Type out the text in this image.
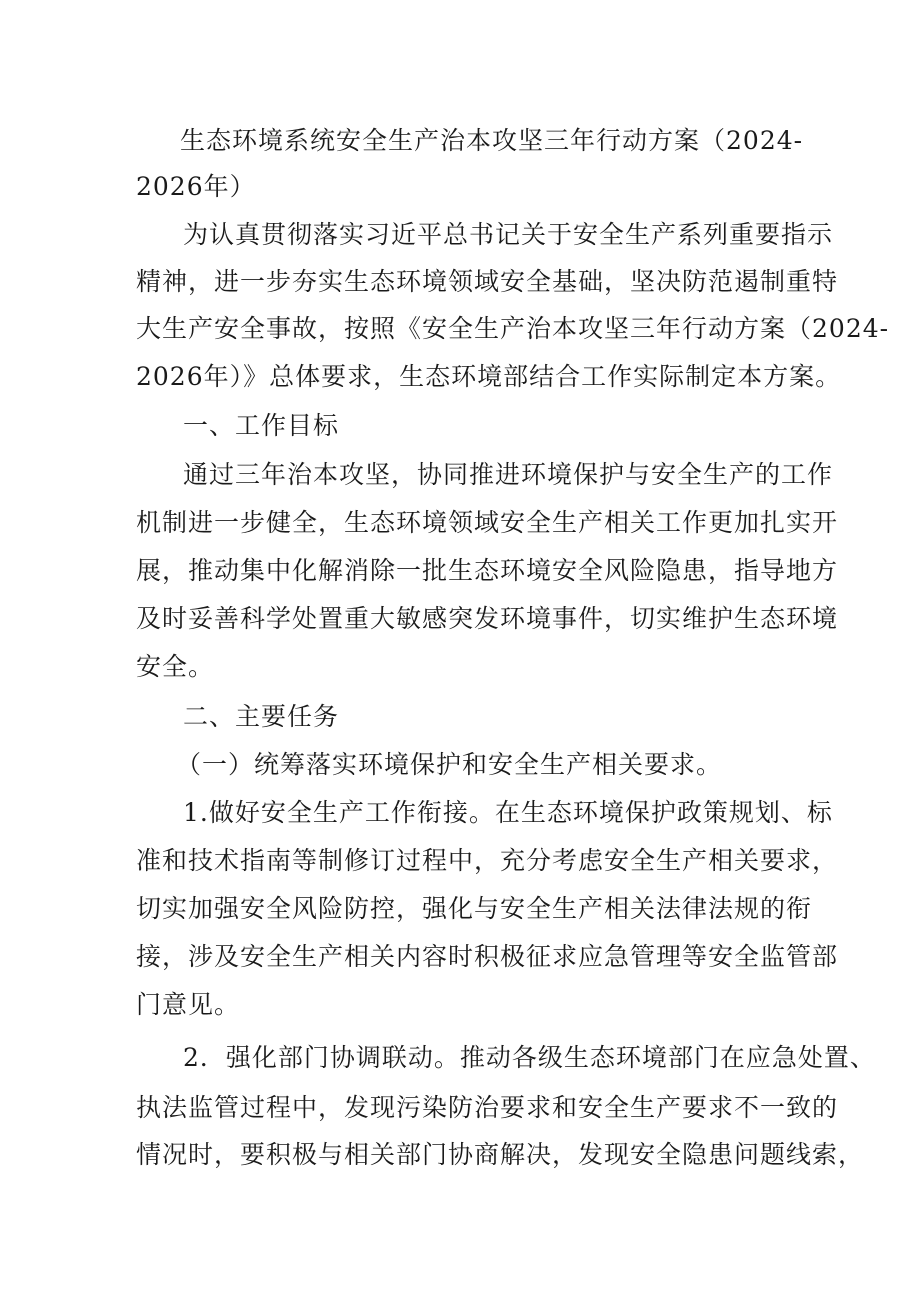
生态环境系统安全生产治本攻坚三年行动方案（2024-
2026年）
为认真贯彻落实习近平总书记关于安全生产系列重要指示
精神，进一步夯实生态环境领域安全基础，坚决防范遏制重特
大生产安全事故，按照《安全生产治本攻坚三年行动方案（2024-
2026年）》总体要求，生态环境部结合工作实际制定本方案。
一、工作目标
通过三年治本攻坚，协同推进环境保护与安全生产的工作
机制进一步健全，生态环境领域安全生产相关工作更加扎实开
展，推动集中化解消除一批生态环境安全风险隐患，指导地方
及时妥善科学处置重大敏感突发环境事件，切实维护生态环境
安全。
二、主要任务
（一）统筹落实环境保护和安全生产相关要求。
1.做好安全生产工作衔接。在生态环境保护政策规划、标
准和技术指南等制修订过程中，充分考虑安全生产相关要求，
切实加强安全风险防控，强化与安全生产相关法律法规的衔
接，涉及安全生产相关内容时积极征求应急管理等安全监管部
门意见。
2．强化部门协调联动。推动各级生态环境部门在应急处置、
执法监管过程中，发现污染防治要求和安全生产要求不一致的
情况时，要积极与相关部门协商解决，发现安全隐患问题线索，
